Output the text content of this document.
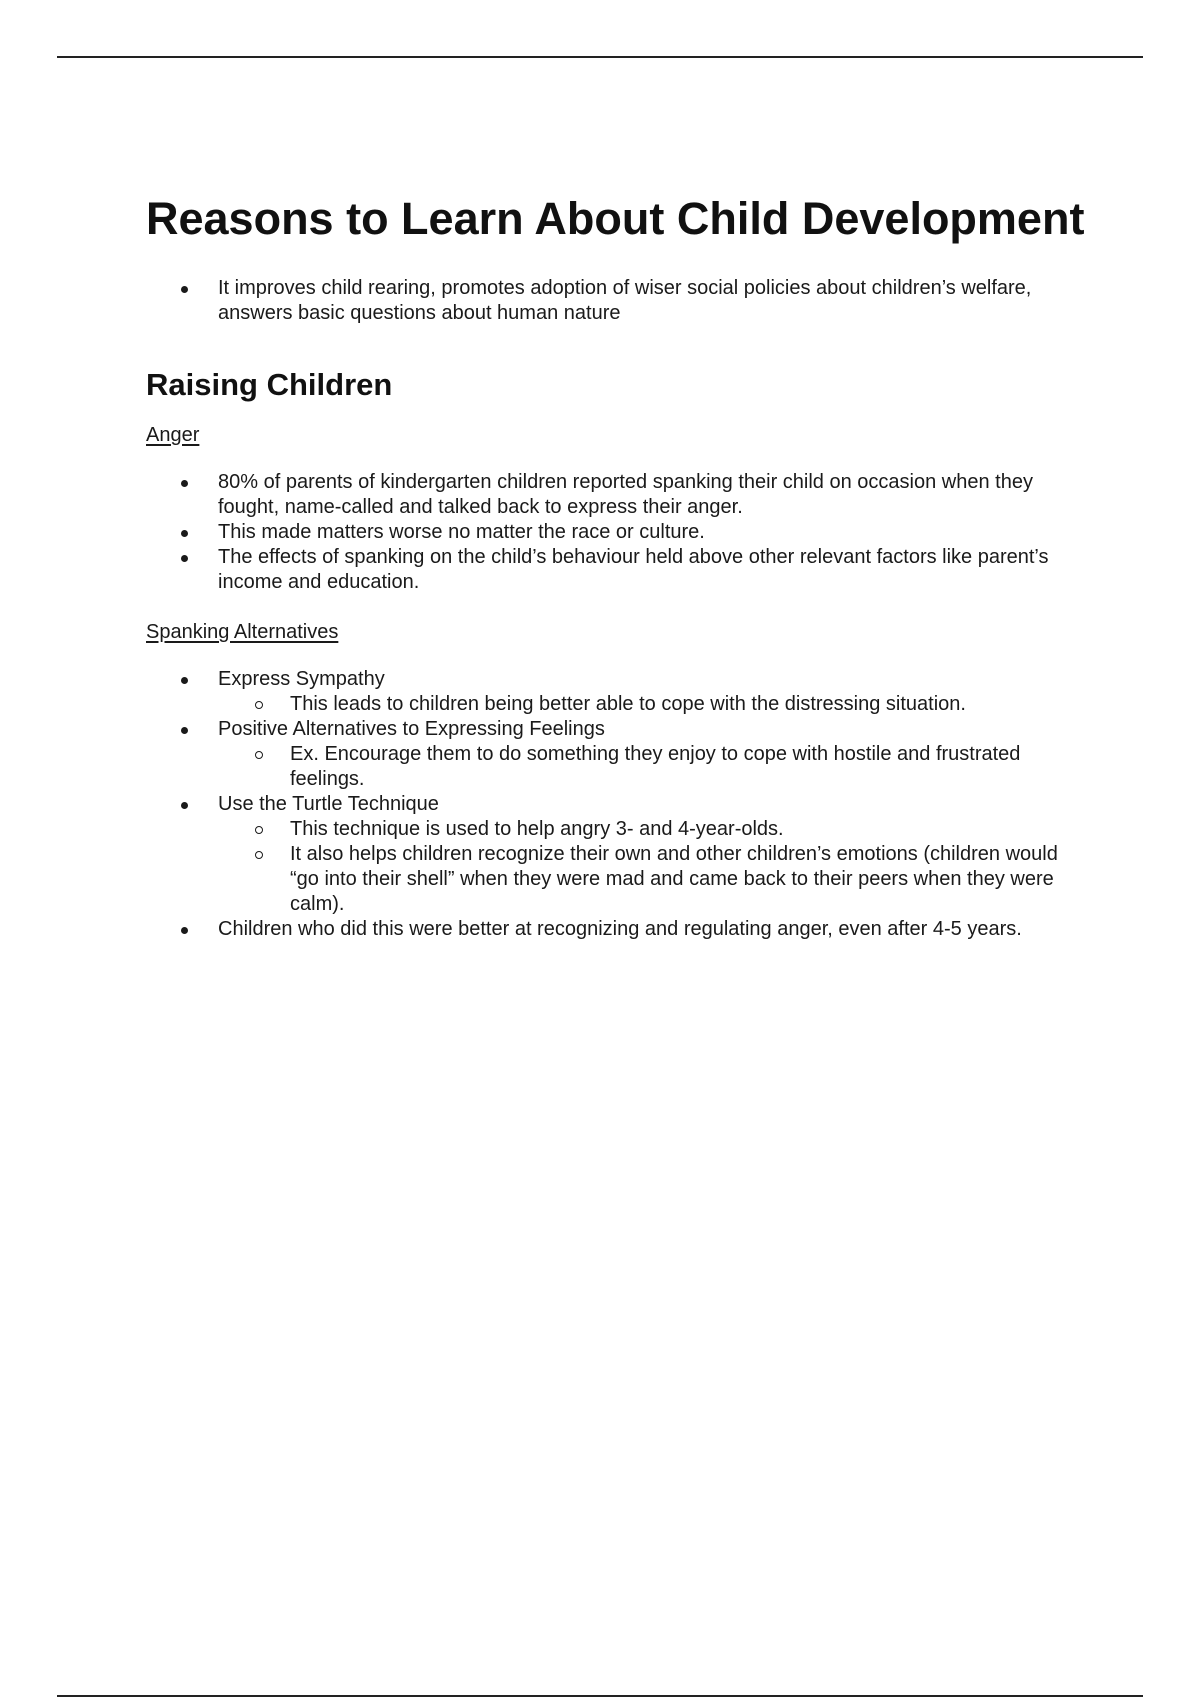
Reasons to Learn About Child Development
It improves child rearing, promotes adoption of wiser social policies about children’s welfare, answers basic questions about human nature
Raising Children

Anger

80% of parents of kindergarten children reported spanking their child on occasion when they fought, name-called and talked back to express their anger.
This made matters worse no matter the race or culture.
The effects of spanking on the child’s behaviour held above other relevant factors like parent’s income and education.

Spanking Alternatives

Express Sympathy
This leads to children being better able to cope with the distressing situation.
Positive Alternatives to Expressing Feelings
Ex. Encourage them to do something they enjoy to cope with hostile and frustrated feelings.
Use the Turtle Technique
This technique is used to help angry 3- and 4-year-olds.
It also helps children recognize their own and other children’s emotions (children would “go into their shell” when they were mad and came back to their peers when they were calm).
Children who did this were better at recognizing and regulating anger, even after 4-5 years.
